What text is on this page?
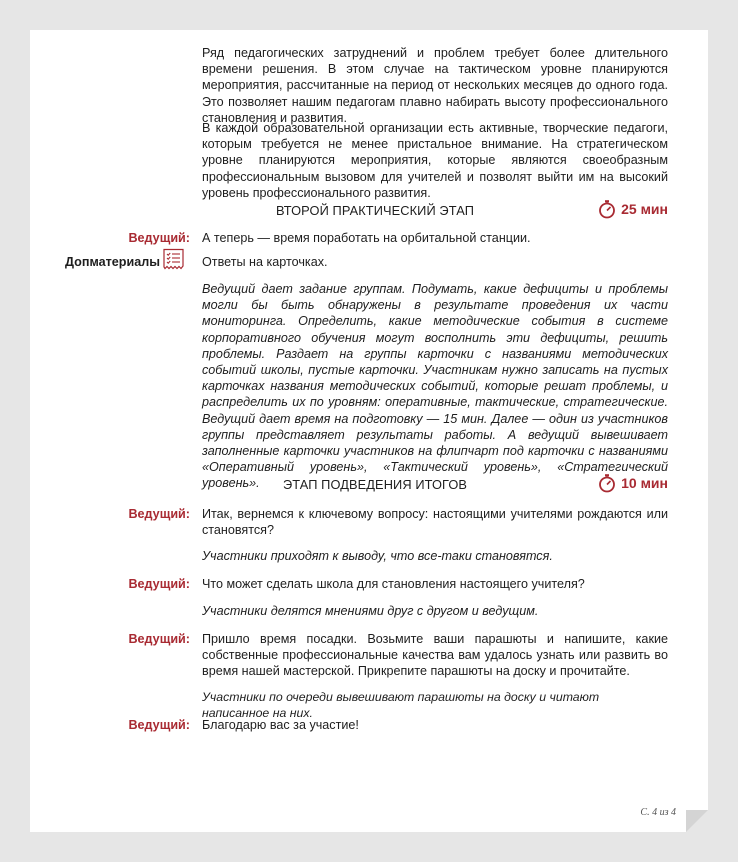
Ряд педагогических затруднений и проблем требует более длительного времени решения. В этом случае на тактическом уровне планируются мероприятия, рассчитанные на период от нескольких месяцев до одного года. Это позволяет нашим педагогам плавно набирать высоту профессионального становления и развития.

В каждой образовательной организации есть активные, творческие педагоги, которым требуется не менее пристальное внимание. На стратегическом уровне планируются мероприятия, которые являются своеобразным профессиональным вызовом для учителей и позволят выйти им на высокий уровень профессионального развития.

ВТОРОЙ ПРАКТИЧЕСКИЙ ЭТАП	25 мин
Ведущий: А теперь — время поработать на орбитальной станции.

Допматериалы	Ответы на карточках.

Ведущий дает задание группам. Подумать, какие дефициты и проблемы могли бы быть обнаружены в результате проведения их части мониторинга. Определить, какие методические события в системе корпоративного обучения могут восполнить эти дефициты, решить проблемы. Раздает на группы карточки с названиями методических событий школы, пустые карточки. Участникам нужно записать на пустых карточках названия методических событий, которые решат проблемы, и распределить их по уровням: оперативные, тактические, стратегические. Ведущий дает время на подготовку — 15 мин. Далее — один из участников группы представляет результаты работы. А ведущий вывешивает заполненные карточки участников на флипчарт под карточки с названиями «Оперативный уровень», «Тактический уровень», «Стратегический уровень».	ЭТАП ПОДВЕДЕНИЯ ИТОГОВ	10 мин
Ведущий: Итак, вернемся к ключевому вопросу: настоящими учителями рождаются или становятся?

Участники приходят к выводу, что все-таки становятся.

Ведущий: Что может сделать школа для становления настоящего учителя?

Участники делятся мнениями друг с другом и ведущим.

Ведущий: Пришло время посадки. Возьмите ваши парашюты и напишите, какие собственные профессиональные качества вам удалось узнать или развить во время нашей мастерской. Прикрепите парашюты на доску и прочитайте.

Участники по очереди вывешивают парашюты на доску и читают написанное на них.

Ведущий: Благодарю вас за участие!

С. 4 из 4
